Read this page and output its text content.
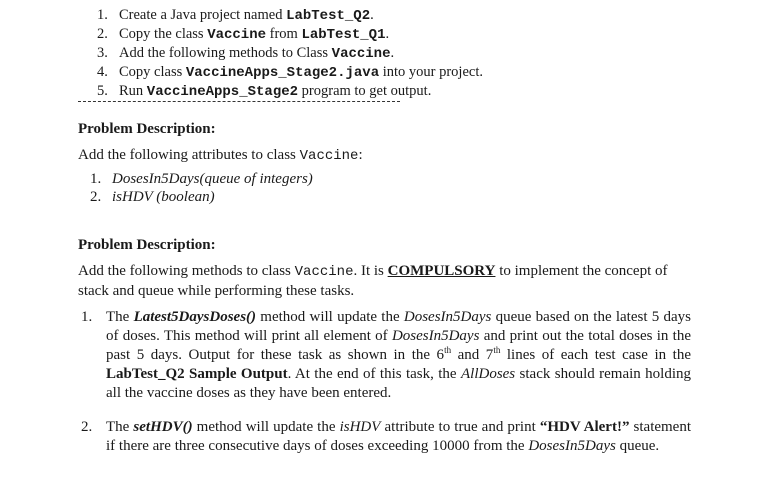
1. Create a Java project named LabTest_Q2.
2. Copy the class Vaccine from LabTest_Q1.
3. Add the following methods to Class Vaccine.
4. Copy class VaccineApps_Stage2.java into your project.
5. Run VaccineApps_Stage2 program to get output.
Problem Description:
Add the following attributes to class Vaccine:
1. DosesIn5Days(queue of integers)
2. isHDV (boolean)
Problem Description:
Add the following methods to class Vaccine. It is COMPULSORY to implement the concept of stack and queue while performing these tasks.
1. The Latest5DaysDoses() method will update the DosesIn5Days queue based on the latest 5 days of doses. This method will print all element of DosesIn5Days and print out the total doses in the past 5 days. Output for these task as shown in the 6th and 7th lines of each test case in the LabTest_Q2 Sample Output. At the end of this task, the AllDoses stack should remain holding all the vaccine doses as they have been entered.
2. The setHDV() method will update the isHDV attribute to true and print “HDV Alert!” statement if there are three consecutive days of doses exceeding 10000 from the DosesIn5Days queue.
